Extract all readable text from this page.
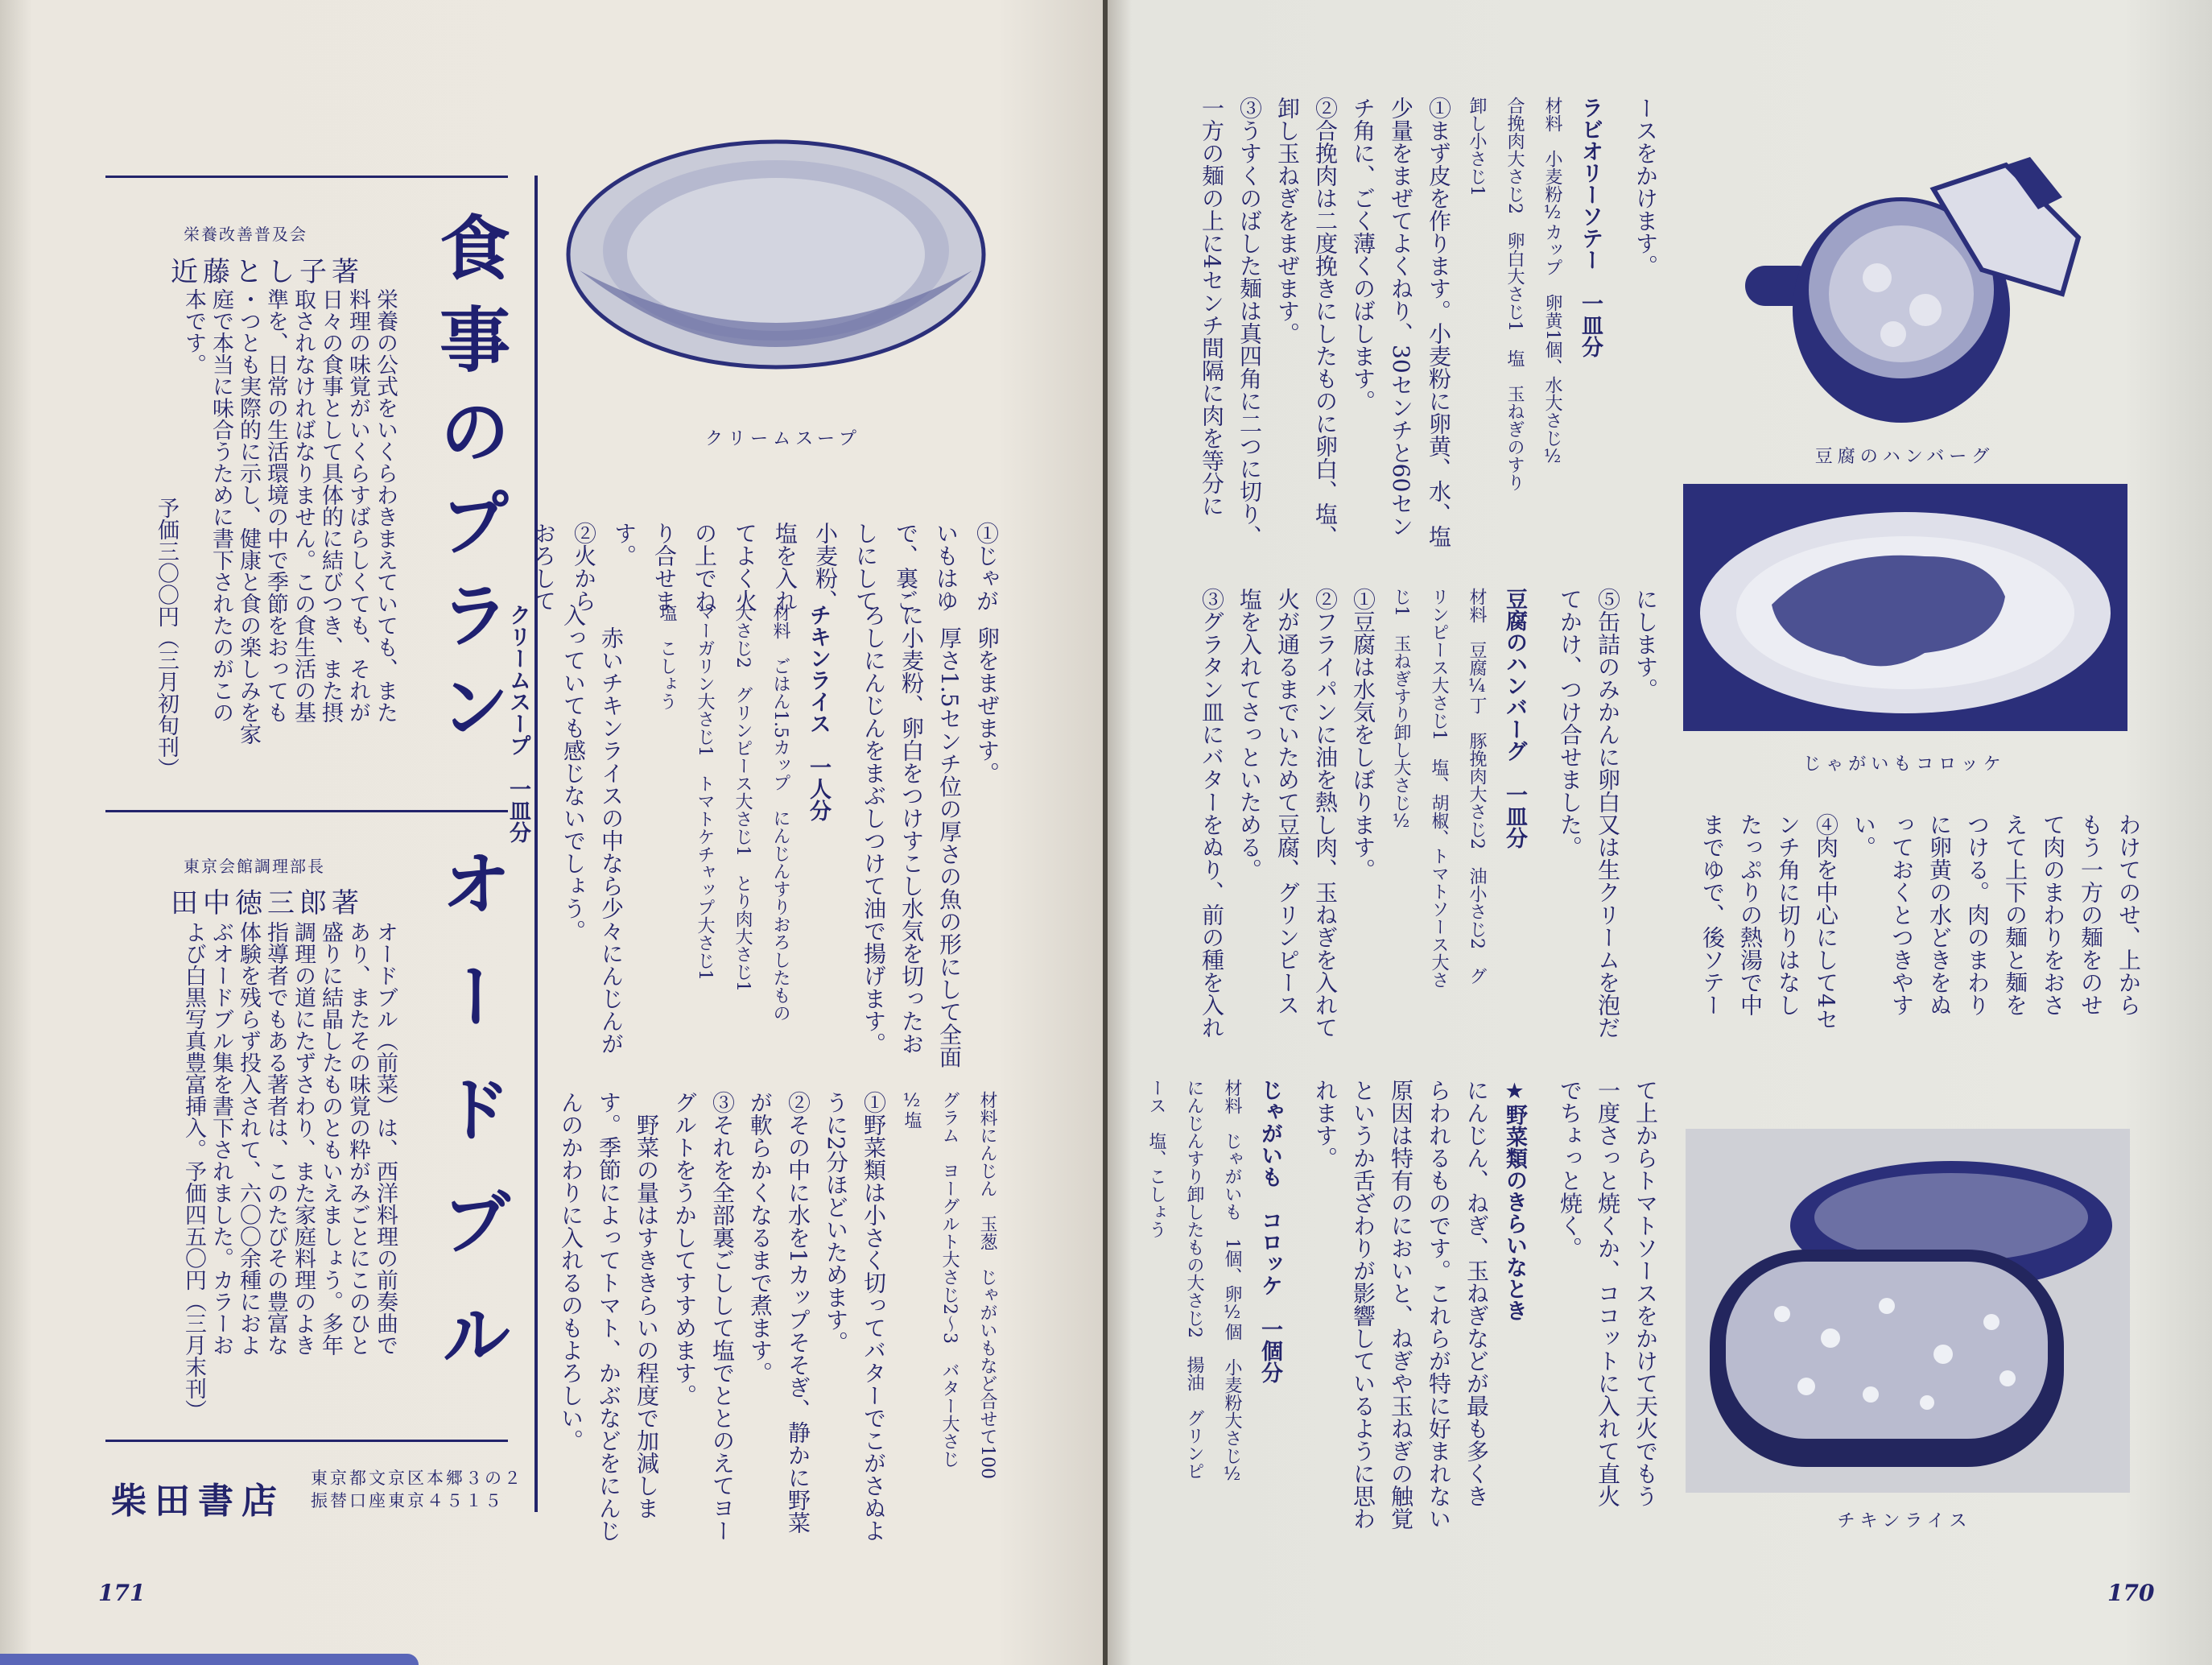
食事のプラン
栄養改善普及会
近藤とし子著
栄養の公式をいくらわきまえていても、また
料理の味覚がいくらすばらしくても、それが
日々の食事として具体的に結びつき、また摂
取されなければなりません。この食生活の基
準を、日常の生活環境の中で季節をおっても
・つとも実際的に示し、健康と食の楽しみを家
庭で本当に味合うために書下されたのがこの
本です。
予価三〇〇円（三月初旬刊）
オードブル
東京会館調理部長
田中徳三郎著
オードブル（前菜）は、西洋料理の前奏曲で
あり、またその味覚の粋がみごとにこのひと
盛りに結晶したものともいえましょう。多年
調理の道にたずさわり、また家庭料理のよき
指導者でもある著者は、このたびその豊富な
体験を残らず投入されて、六〇〇余種におよ
ぶオードブル集を書下されました。カラーお
よび白黒写真豊富挿入。予価四五〇円（三月末刊）
柴田書店
東京都文京区本郷３の２
振替口座東京４５１５
クリームスープ
①じゃが
いもはゆ
で、裏ご
しにして
小麦粉、
塩を入れ
てよく火
の上でね
り合せま
す。
②火から
おろして
　卵をまぜます。
　厚さ1.5センチ位の厚さの魚の形にして全面
に小麦粉、卵白をつけすこし水気を切ったお
ろしにんじんをまぶしつけて油で揚げます。
チキンライス　一人分
材料　ごはん1.5カップ　にんじんすりおろしたもの
大さじ2　グリンピース大さじ1　とり肉大さじ1
マーガリン大さじ1　トマトケチャップ大さじ1
塩　こしょう
　赤いチキンライスの中なら少々にんじんが
入っていても感じないでしょう。
クリームスープ　一皿分
材料にんじん　玉葱　じゃがいもなど合せて100
グラム　ヨーグルト大さじ2〜3　バター大さじ
½塩
①野菜類は小さく切ってバターでこがさぬよ
うに2分ほどいためます。
②その中に水を1カップそそぎ、静かに野菜
が軟らかくなるまで煮ます。
③それを全部裏ごしして塩でととのえてヨー
グルトをうかしてすすめます。
　野菜の量はすききらいの程度で加減しま
す。季節によってトマト、かぶなどをにんじ
んのかわりに入れるのもよろしい。
171
ースをかけます。
ラビオリーソテー　一皿分
材料　小麦粉½カップ　卵黄1個、水大さじ½
合挽肉大さじ2　卵白大さじ1　塩　玉ねぎのすり
卸し小さじ1
①まず皮を作ります。小麦粉に卵黄、水、塩
少量をまぜてよくねり、30センチと60セン
チ角に、ごく薄くのばします。
②合挽肉は二度挽きにしたものに卵白、塩、
卸し玉ねぎをまぜます。
③うすくのばした麺は真四角に二つに切り、
一方の麺の上に4センチ間隔に肉を等分に
にします。
⑤缶詰のみかんに卵白又は生クリームを泡だ
てかけ、つけ合せました。
豆腐のハンバーグ　一皿分
材料　豆腐¼丁　豚挽肉大さじ2　油小さじ2　グ
リンピース大さじ1　塩、胡椒、トマトソース大さ
じ1　玉ねぎすり卸し大さじ½
①豆腐は水気をしぼります。
②フライパンに油を熱し肉、玉ねぎを入れて
火が通るまでいためて豆腐、グリンピース
塩を入れてさっといためる。
③グラタン皿にバターをぬり、前の種を入れ
て上からトマトソースをかけて天火でもう
一度さっと焼くか、ココットに入れて直火
でちょっと焼く。
★野菜類のきらいなとき
にんじん、ねぎ、玉ねぎなどが最も多くき
らわれるものです。これらが特に好まれない
原因は特有のにおいと、ねぎや玉ねぎの触覚
というか舌ざわりが影響しているように思わ
れます。
じゃがいも　コロッケ　一個分
材料　じゃがいも　1個、卵½個　小麦粉大さじ½
にんじんすり卸したもの大さじ2　揚油　グリンピ
ース　塩、こしょう
わけてのせ、上から
もう一方の麺をのせ
て肉のまわりをおさ
えて上下の麺と麺を
つける。肉のまわり
に卵黄の水どきをぬ
っておくとつきやす
い。
④肉を中心にして4セ
ンチ角に切りはなし
たっぷりの熱湯で中
までゆで、後ソテー
豆腐のハンバーグ
じゃがいもコロッケ
チキンライス
170
